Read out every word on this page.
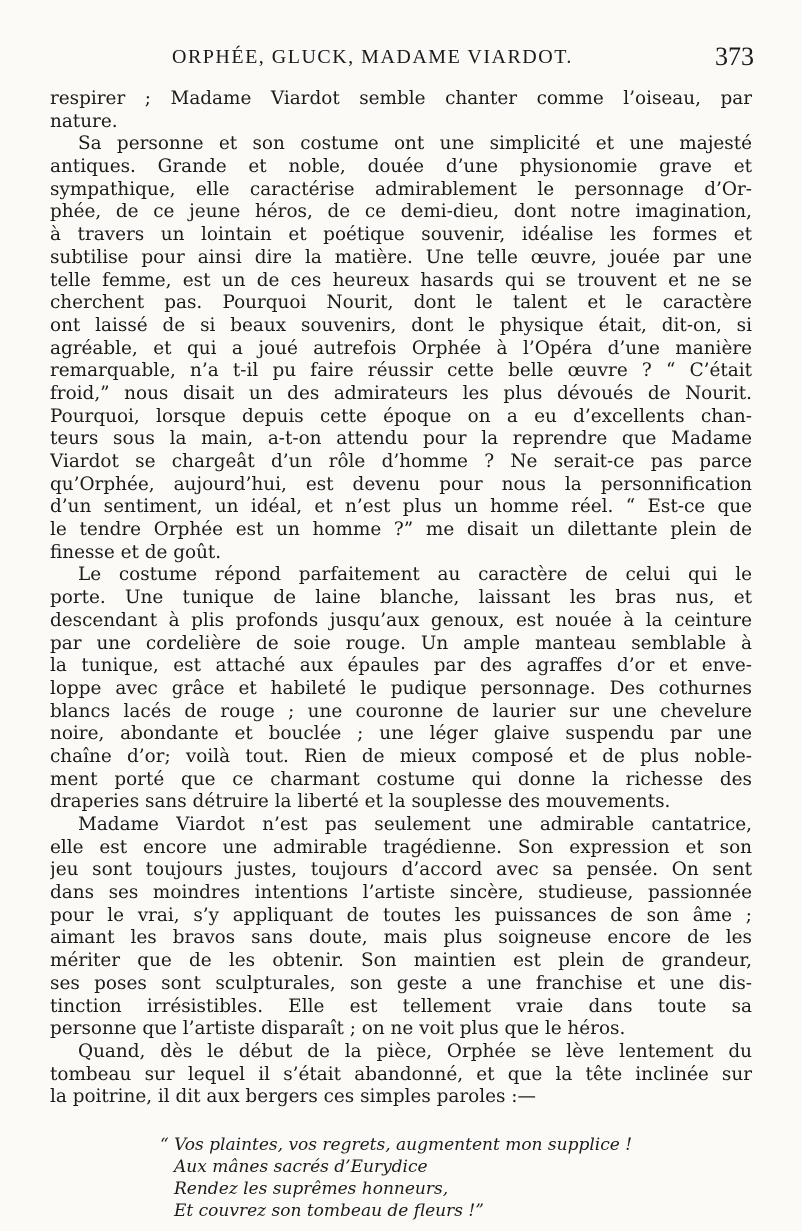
ORPHÉE, GLUCK, MADAME VIARDOT.	373
respirer ; Madame Viardot semble chanter comme l’oiseau, par
nature.
Sa personne et son costume ont une simplicité et une majesté
antiques. Grande et noble, douée d’une physionomie grave et
sympathique, elle caractérise admirablement le personnage d’Or-
phée, de ce jeune héros, de ce demi-dieu, dont notre imagination,
à travers un lointain et poétique souvenir, idéalise les formes et
subtilise pour ainsi dire la matière. Une telle œuvre, jouée par une
telle femme, est un de ces heureux hasards qui se trouvent et ne se
cherchent pas. Pourquoi Nourit, dont le talent et le caractère
ont laissé de si beaux souvenirs, dont le physique était, dit-on, si
agréable, et qui a joué autrefois Orphée à l’Opéra d’une manière
remarquable, n’a t-il pu faire réussir cette belle œuvre ? “ C’était
froid,” nous disait un des admirateurs les plus dévoués de Nourit.
Pourquoi, lorsque depuis cette époque on a eu d’excellents chan-
teurs sous la main, a-t-on attendu pour la reprendre que Madame
Viardot se chargeât d’un rôle d’homme ? Ne serait-ce pas parce
qu’Orphée, aujourd’hui, est devenu pour nous la personnification
d’un sentiment, un idéal, et n’est plus un homme réel. “ Est-ce que
le tendre Orphée est un homme ?” me disait un dilettante plein de
finesse et de goût.
Le costume répond parfaitement au caractère de celui qui le
porte. Une tunique de laine blanche, laissant les bras nus, et
descendant à plis profonds jusqu’aux genoux, est nouée à la ceinture
par une cordelière de soie rouge. Un ample manteau semblable à
la tunique, est attaché aux épaules par des agraffes d’or et enve-
loppe avec grâce et habileté le pudique personnage. Des cothurnes
blancs lacés de rouge ; une couronne de laurier sur une chevelure
noire, abondante et bouclée ; une léger glaive suspendu par une
chaîne d’or; voilà tout. Rien de mieux composé et de plus noble-
ment porté que ce charmant costume qui donne la richesse des
draperies sans détruire la liberté et la souplesse des mouvements.
Madame Viardot n’est pas seulement une admirable cantatrice,
elle est encore une admirable tragédienne. Son expression et son
jeu sont toujours justes, toujours d’accord avec sa pensée. On sent
dans ses moindres intentions l’artiste sincère, studieuse, passionnée
pour le vrai, s’y appliquant de toutes les puissances de son âme ;
aimant les bravos sans doute, mais plus soigneuse encore de les
mériter que de les obtenir. Son maintien est plein de grandeur,
ses poses sont sculpturales, son geste a une franchise et une dis-
tinction irrésistibles. Elle est tellement vraie dans toute sa
personne que l’artiste disparaît ; on ne voit plus que le héros.
Quand, dès le début de la pièce, Orphée se lève lentement du
tombeau sur lequel il s’était abandonné, et que la tête inclinée sur
la poitrine, il dit aux bergers ces simples paroles :—
“ Vos plaintes, vos regrets, augmentent mon supplice !
Aux mânes sacrés d’Eurydice
Rendez les suprêmes honneurs,
Et couvrez son tombeau de fleurs !”
